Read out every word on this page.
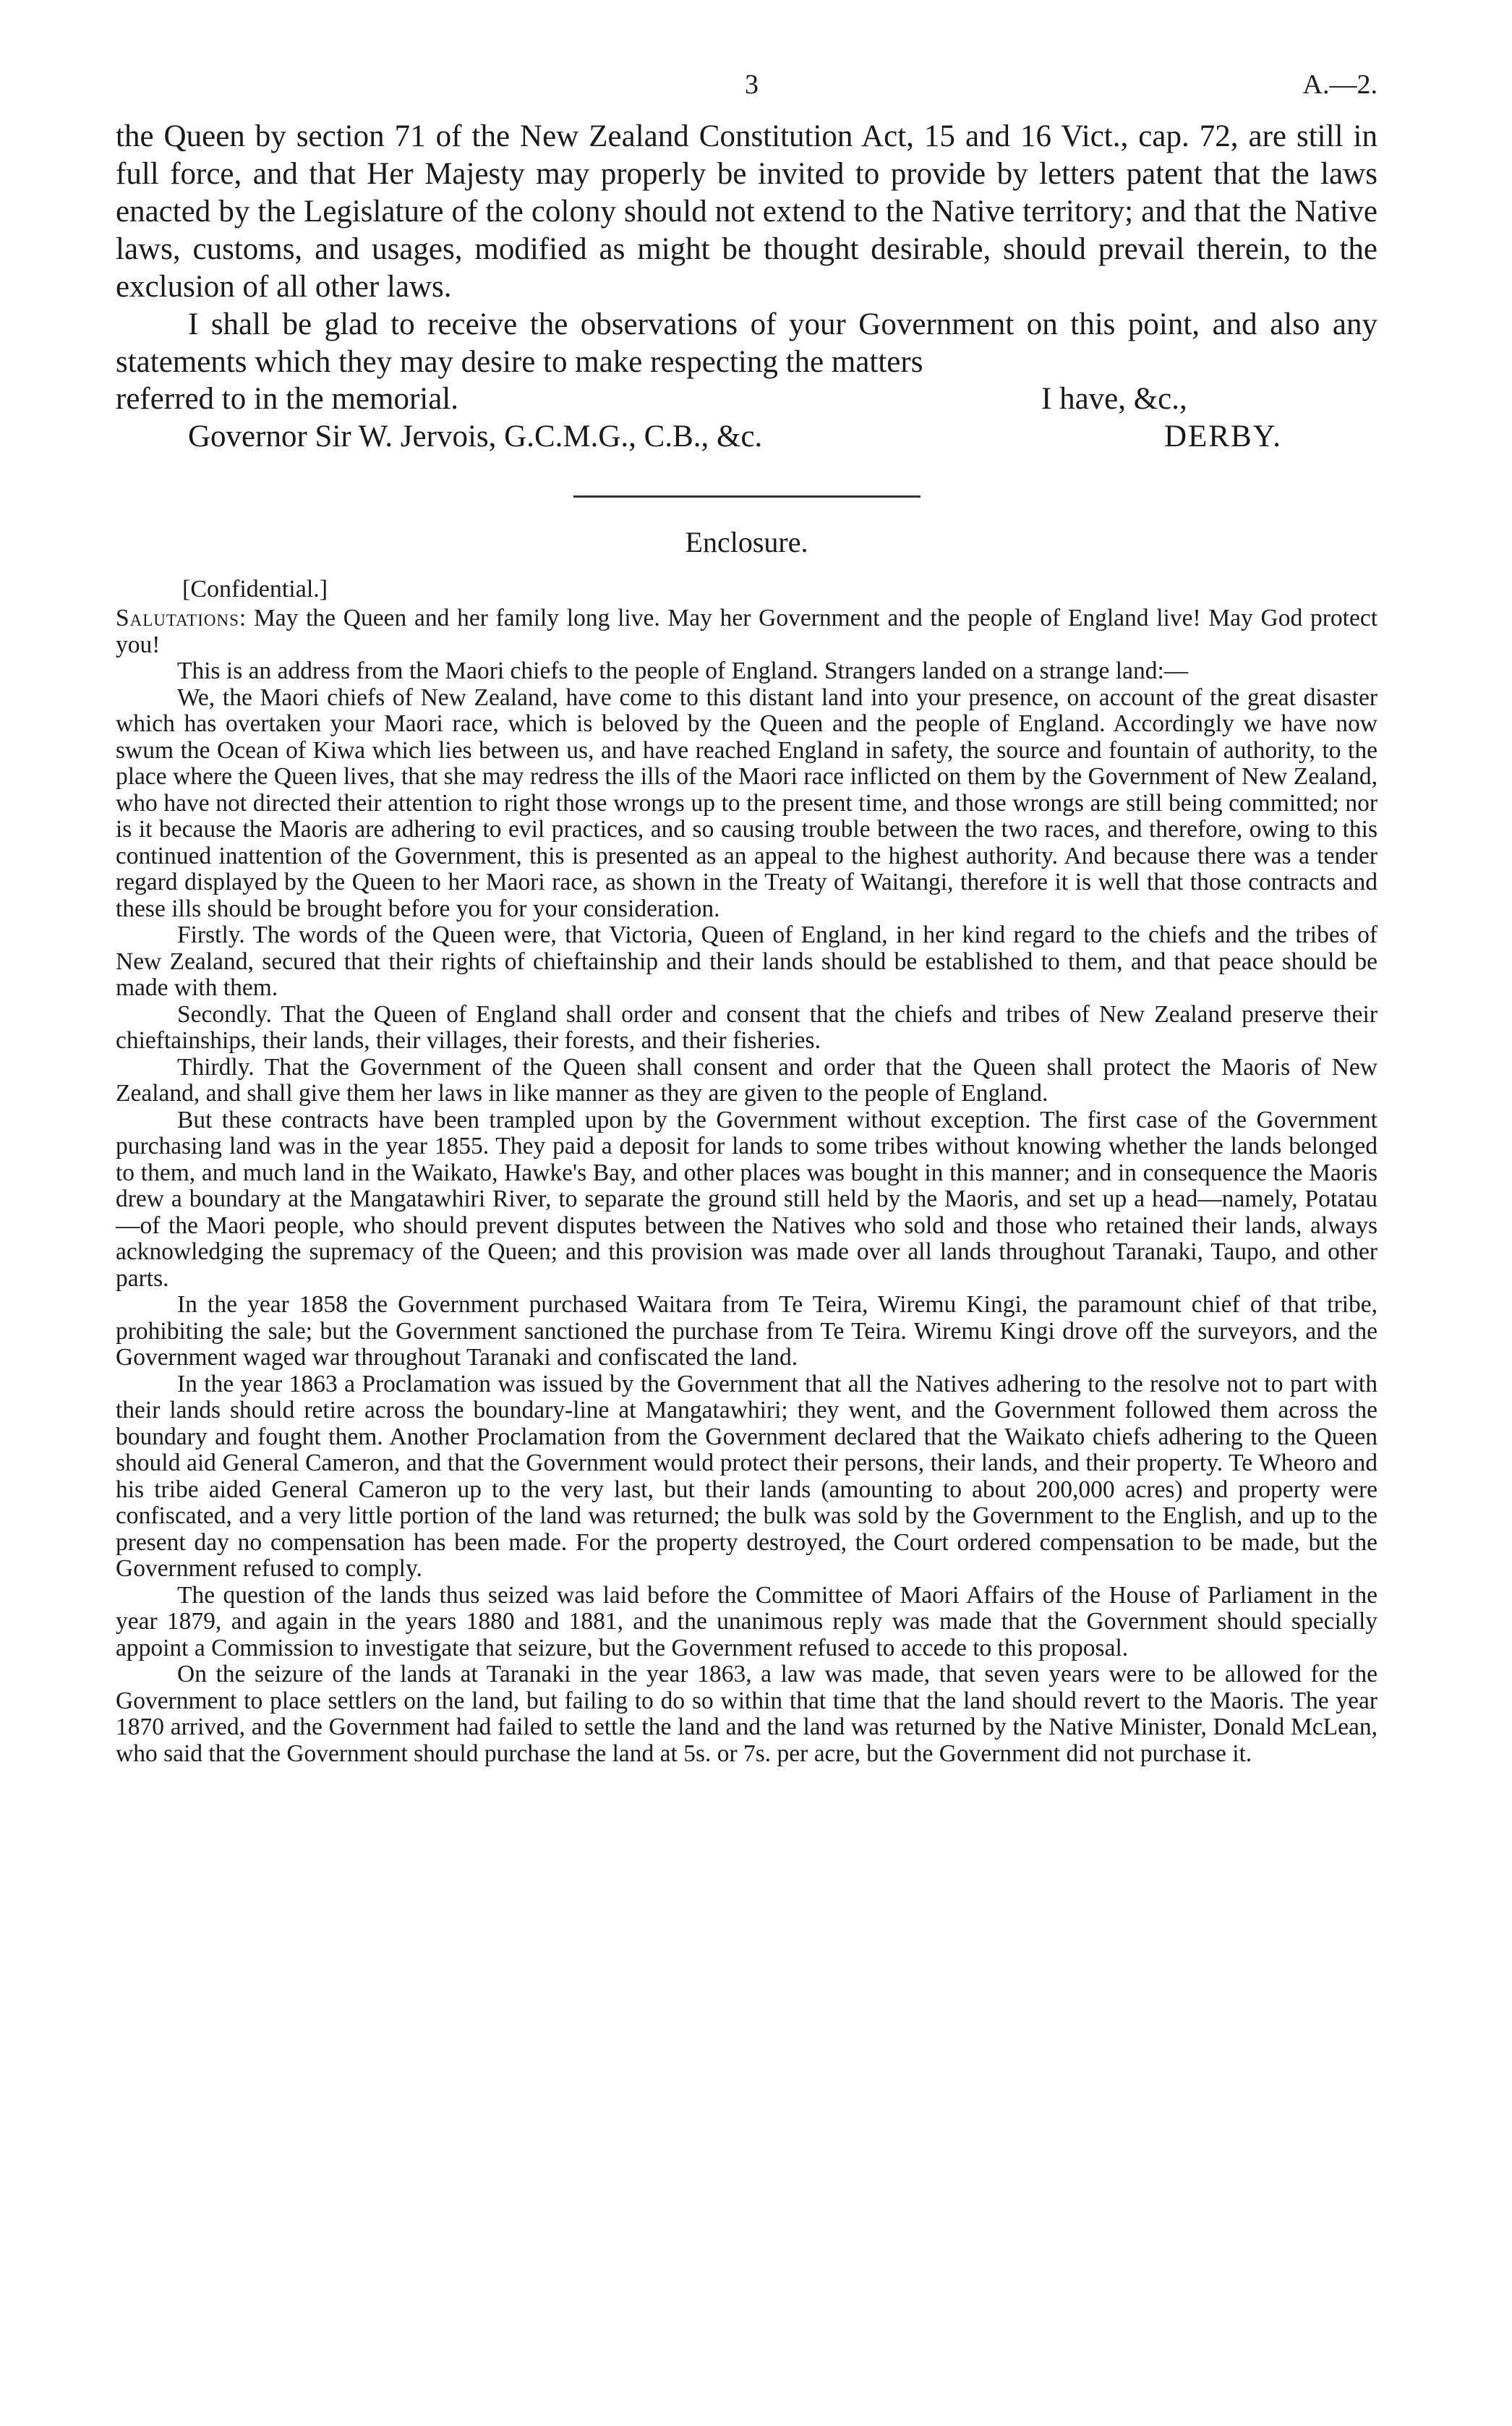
3	A.—2.

the Queen by section 71 of the New Zealand Constitution Act, 15 and 16 Vict., cap. 72, are still in full force, and that Her Majesty may properly be invited to provide by letters patent that the laws enacted by the Legislature of the colony should not extend to the Native territory; and that the Native laws, customs, and usages, modified as might be thought desirable, should prevail therein, to the exclusion of all other laws.

I shall be glad to receive the observations of your Government on this point, and also any statements which they may desire to make respecting the matters

referred to in the memorial.	I have, &c.,
Governor Sir W. Jervois, G.C.M.G., C.B., &c.	DERBY.
Enclosure.
[Confidential.]

Salutations: May the Queen and her family long live. May her Government and the people of England live! May God protect you!

This is an address from the Maori chiefs to the people of England. Strangers landed on a strange land:—

We, the Maori chiefs of New Zealand, have come to this distant land into your presence, on account of the great disaster which has overtaken your Maori race, which is beloved by the Queen and the people of England. Accordingly we have now swum the Ocean of Kiwa which lies between us, and have reached England in safety, the source and fountain of authority, to the place where the Queen lives, that she may redress the ills of the Maori race inflicted on them by the Government of New Zealand, who have not directed their attention to right those wrongs up to the present time, and those wrongs are still being committed; nor is it because the Maoris are adhering to evil practices, and so causing trouble between the two races, and therefore, owing to this continued inattention of the Government, this is presented as an appeal to the highest authority. And because there was a tender regard displayed by the Queen to her Maori race, as shown in the Treaty of Waitangi, therefore it is well that those contracts and these ills should be brought before you for your consideration.

Firstly. The words of the Queen were, that Victoria, Queen of England, in her kind regard to the chiefs and the tribes of New Zealand, secured that their rights of chieftainship and their lands should be established to them, and that peace should be made with them.

Secondly. That the Queen of England shall order and consent that the chiefs and tribes of New Zealand preserve their chieftainships, their lands, their villages, their forests, and their fisheries.

Thirdly. That the Government of the Queen shall consent and order that the Queen shall protect the Maoris of New Zealand, and shall give them her laws in like manner as they are given to the people of England.

But these contracts have been trampled upon by the Government without exception. The first case of the Government purchasing land was in the year 1855. They paid a deposit for lands to some tribes without knowing whether the lands belonged to them, and much land in the Waikato, Hawke's Bay, and other places was bought in this manner; and in consequence the Maoris drew a boundary at the Mangatawhiri River, to separate the ground still held by the Maoris, and set up a head—namely, Potatau—of the Maori people, who should prevent disputes between the Natives who sold and those who retained their lands, always acknowledging the supremacy of the Queen; and this provision was made over all lands throughout Taranaki, Taupo, and other parts.

In the year 1858 the Government purchased Waitara from Te Teira, Wiremu Kingi, the paramount chief of that tribe, prohibiting the sale; but the Government sanctioned the purchase from Te Teira. Wiremu Kingi drove off the surveyors, and the Government waged war throughout Taranaki and confiscated the land.

In the year 1863 a Proclamation was issued by the Government that all the Natives adhering to the resolve not to part with their lands should retire across the boundary-line at Mangatawhiri; they went, and the Government followed them across the boundary and fought them. Another Proclamation from the Government declared that the Waikato chiefs adhering to the Queen should aid General Cameron, and that the Government would protect their persons, their lands, and their property. Te Wheoro and his tribe aided General Cameron up to the very last, but their lands (amounting to about 200,000 acres) and property were confiscated, and a very little portion of the land was returned; the bulk was sold by the Government to the English, and up to the present day no compensation has been made. For the property destroyed, the Court ordered compensation to be made, but the Government refused to comply.

The question of the lands thus seized was laid before the Committee of Maori Affairs of the House of Parliament in the year 1879, and again in the years 1880 and 1881, and the unanimous reply was made that the Government should specially appoint a Commission to investigate that seizure, but the Government refused to accede to this proposal.

On the seizure of the lands at Taranaki in the year 1863, a law was made, that seven years were to be allowed for the Government to place settlers on the land, but failing to do so within that time that the land should revert to the Maoris. The year 1870 arrived, and the Government had failed to settle the land and the land was returned by the Native Minister, Donald McLean, who said that the Government should purchase the land at 5s. or 7s. per acre, but the Government did not purchase it.
